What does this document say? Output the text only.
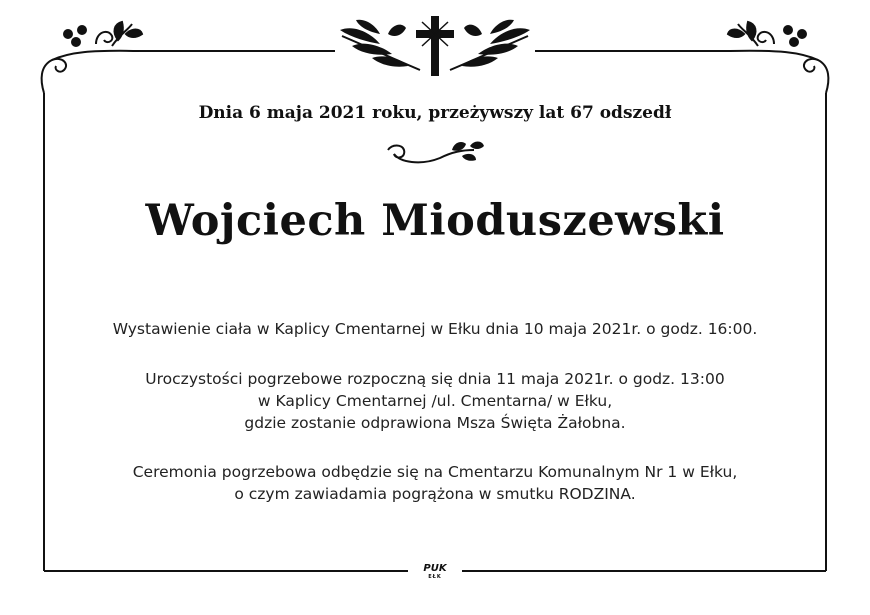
Dnia 6 maja 2021 roku, przeżywszy lat 67 odszedł
Wojciech Mioduszewski
Wystawienie ciała w Kaplicy Cmentarnej w Ełku dnia 10 maja 2021r. o godz. 16:00.
Uroczystości pogrzebowe rozpoczną się dnia 11 maja 2021r. o godz. 13:00
w Kaplicy Cmentarnej /ul. Cmentarna/ w Ełku,
gdzie zostanie odprawiona Msza Święta Żałobna.
Ceremonia pogrzebowa odbędzie się na Cmentarzu Komunalnym Nr 1 w Ełku,
o czym zawiadamia pogrążona w smutku RODZINA.
PUK
EŁK
